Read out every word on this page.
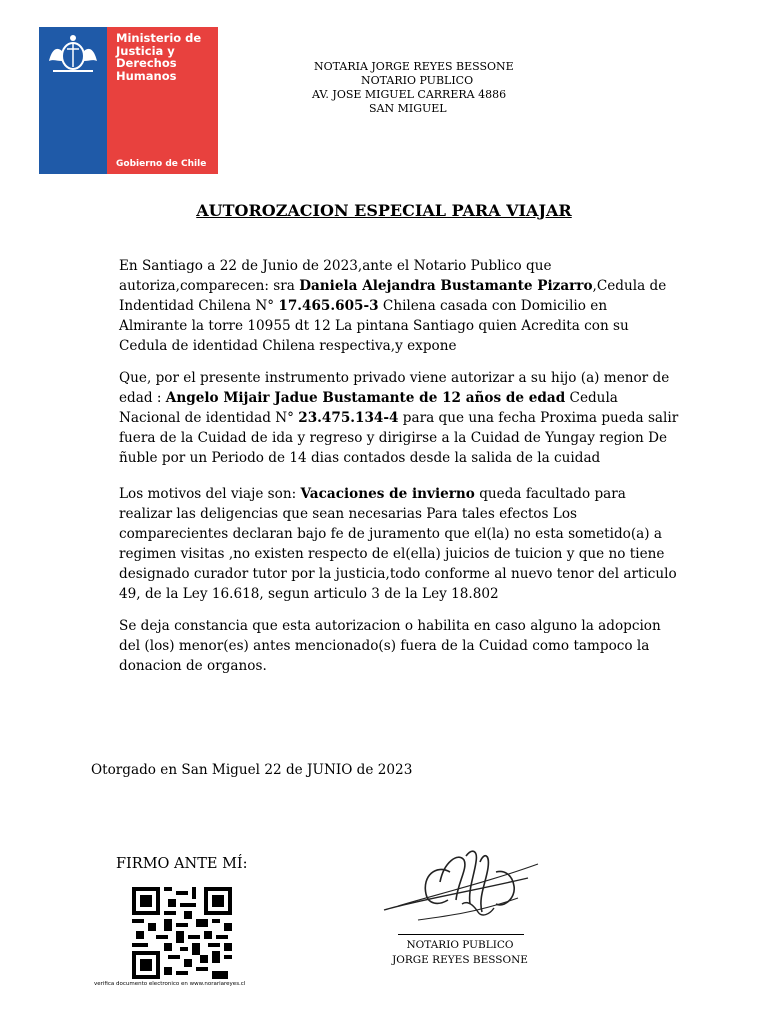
Ministerio de
Justicia y
Derechos
Humanos
Gobierno de Chile
NOTARIA JORGE REYES BESSONE
NOTARIO PUBLICO
AV. JOSE MIGUEL CARRERA 4886
SAN MIGUEL
AUTOROZACION ESPECIAL PARA VIAJAR
En Santiago a 22 de Junio de 2023,ante el Notario Publico que autoriza,comparecen: sra Daniela Alejandra Bustamante Pizarro,Cedula de Indentidad Chilena N° 17.465.605-3 Chilena casada con Domicilio en Almirante la torre 10955 dt 12 La pintana Santiago quien Acredita con su Cedula de identidad Chilena respectiva,y expone
Que, por el presente instrumento privado viene autorizar a su hijo (a) menor de edad : Angelo Mijair Jadue Bustamante de 12 años de edad Cedula Nacional de identidad N° 23.475.134-4 para que una fecha Proxima pueda salir fuera de la Cuidad de ida y regreso y dirigirse a la Cuidad de Yungay region De ñuble por un Periodo de 14 dias contados desde la salida de la cuidad
Los motivos del viaje son: Vacaciones de invierno queda facultado para realizar las deligencias que sean necesarias Para tales efectos Los comparecientes declaran bajo fe de juramento que el(la) no esta sometido(a) a regimen visitas ,no existen respecto de el(ella) juicios de tuicion y que no tiene designado curador tutor por la justicia,todo conforme al nuevo tenor del articulo 49, de la Ley 16.618, segun articulo 3 de la Ley 18.802
Se deja constancia que esta autorizacion o habilita en caso alguno la adopcion del (los) menor(es) antes mencionado(s) fuera de la Cuidad como tampoco la donacion de organos.
Otorgado en San Miguel 22 de JUNIO de 2023
FIRMO ANTE MÍ:
verifica documento electronico en www.norariareyes.cl
NOTARIO PUBLICO
JORGE REYES BESSONE
